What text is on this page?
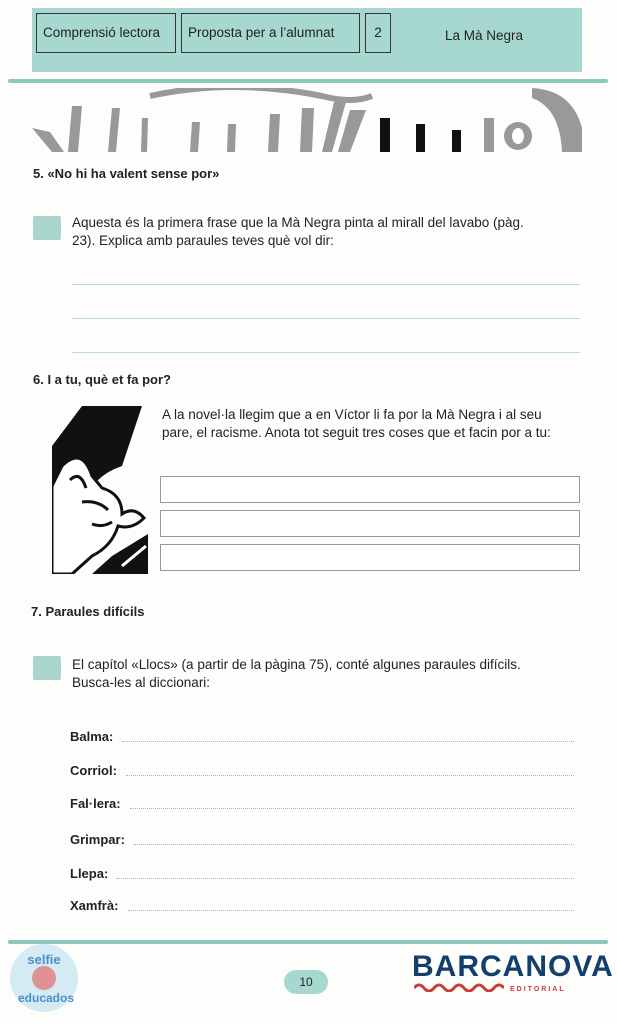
Comprensió lectora	Proposta per a l’alumnat	2	La Mà Negra
5. «No hi ha valent sense por»
Aquesta és la primera frase que la Mà Negra pinta al mirall del lavabo (pàg.
23). Explica amb paraules teves què vol dir:
6. I a tu, què et fa por?
A la novel·la llegim que a en Víctor li fa por la Mà Negra i al seu
pare, el racisme. Anota tot seguit tres coses que et facin por a tu:
7. Paraules difícils
El capítol «Llocs» (a partir de la pàgina 75), conté algunes paraules difícils.
Busca-les al diccionari:
Balma:
Corriol:
Fal·lera:
Grimpar:
Llepa:
Xamfrà:
10	BARCANOVA
EDITORIAL
selfie
educados
